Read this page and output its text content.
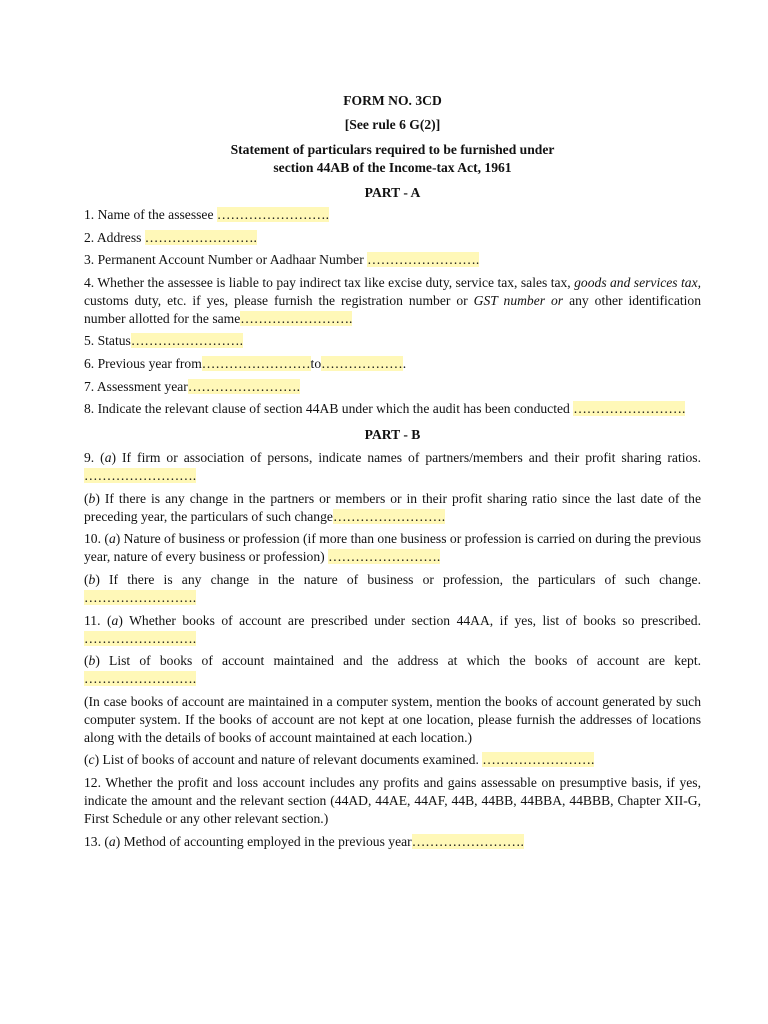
FORM NO. 3CD
[See rule 6 G(2)]
Statement of particulars required to be furnished under
section 44AB of the Income-tax Act, 1961
PART - A

1. Name of the assessee …………………….

2. Address …………………….

3. Permanent Account Number or Aadhaar Number …………………….

4. Whether the assessee is liable to pay indirect tax like excise duty, service tax, sales tax, goods and services tax, customs duty, etc. if yes, please furnish the registration number or GST number or any other identification number allotted for the same…………………….

5. Status…………………….

6. Previous year from……………………to……………….

7. Assessment year…………………….

8. Indicate the relevant clause of section 44AB under which the audit has been conducted …………………….

PART - B

9. (a) If firm or association of persons, indicate names of partners/members and their profit sharing ratios. …………………….

(b) If there is any change in the partners or members or in their profit sharing ratio since the last date of the preceding year, the particulars of such change…………………….

10. (a) Nature of business or profession (if more than one business or profession is carried on during the previous year, nature of every business or profession) …………………….

(b) If there is any change in the nature of business or profession, the particulars of such change. …………………….

11. (a) Whether books of account are prescribed under section 44AA, if yes, list of books so prescribed. …………………….

(b) List of books of account maintained and the address at which the books of account are kept. …………………….

(In case books of account are maintained in a computer system, mention the books of account generated by such computer system. If the books of account are not kept at one location, please furnish the addresses of locations along with the details of books of account maintained at each location.)

(c) List of books of account and nature of relevant documents examined. …………………….

12. Whether the profit and loss account includes any profits and gains assessable on presumptive basis, if yes, indicate the amount and the relevant section (44AD, 44AE, 44AF, 44B, 44BB, 44BBA, 44BBB, Chapter XII-G, First Schedule or any other relevant section.)

13. (a) Method of accounting employed in the previous year…………………….
